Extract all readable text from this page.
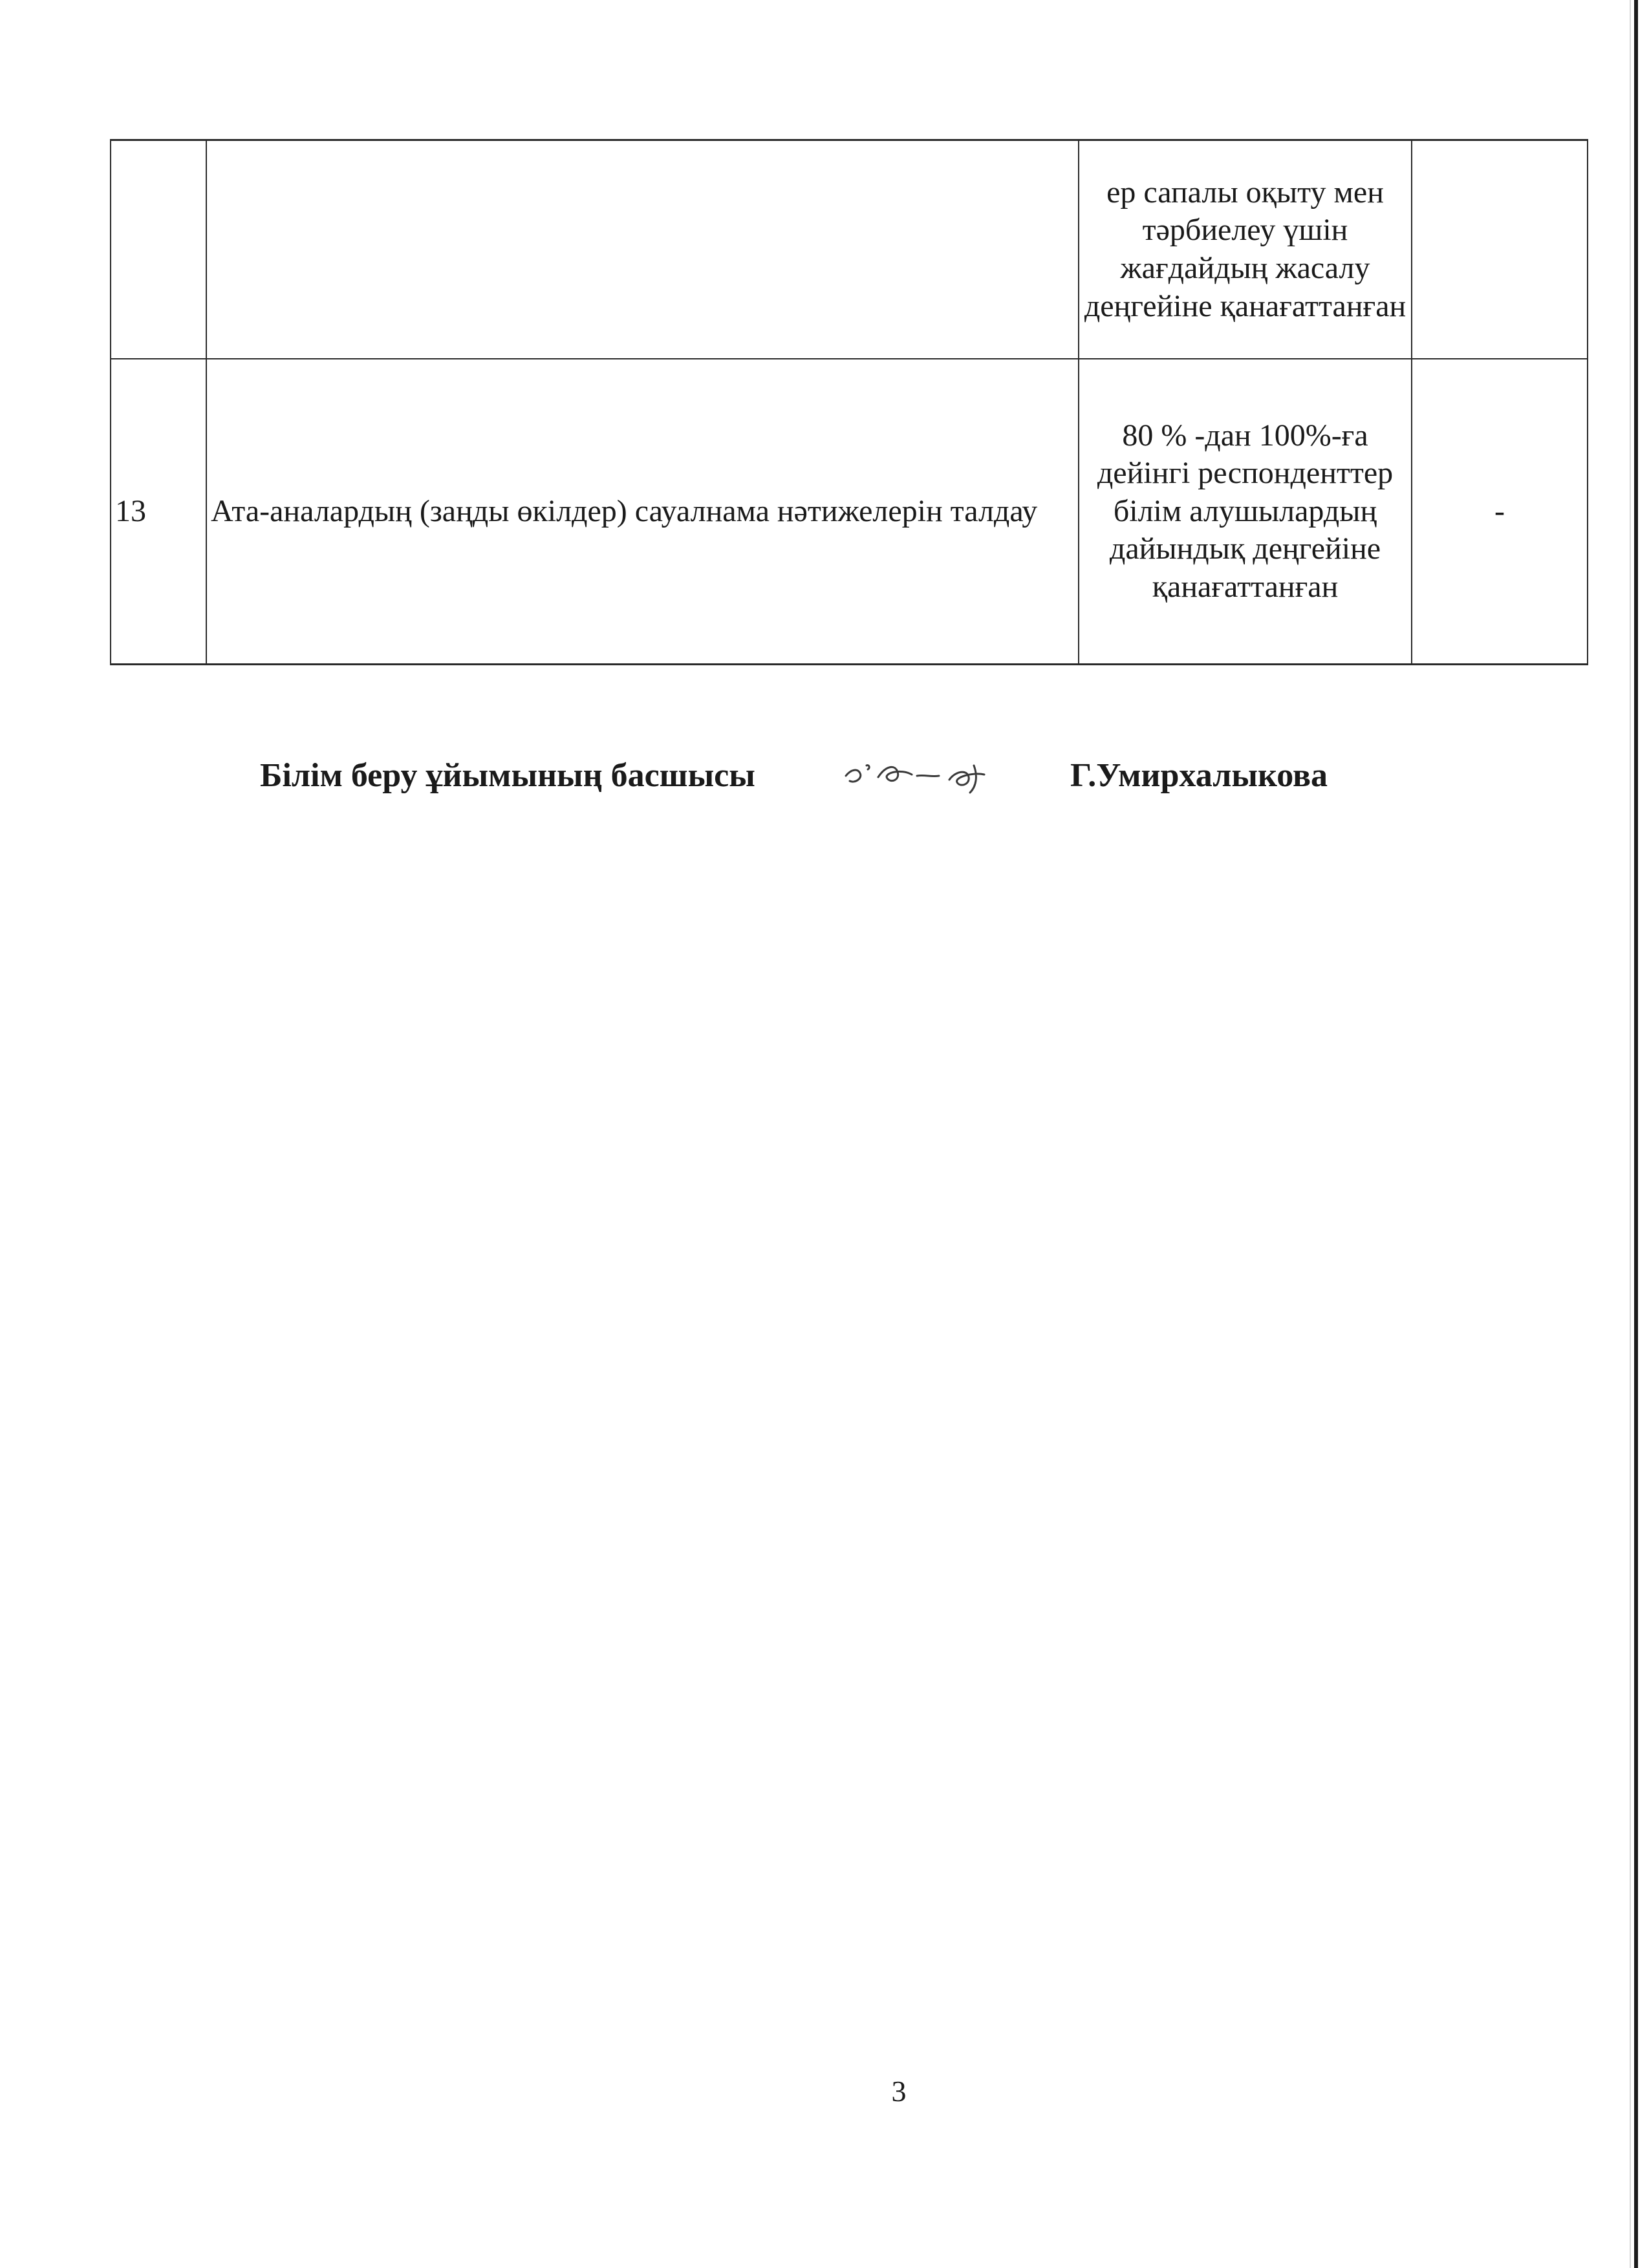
		ер сапалы оқыту мен тәрбиелеу үшін жағдайдың жасалу деңгейіне қанағаттанған	
13	Ата-аналардың (заңды өкілдер) сауалнама нәтижелерін талдау	80 % -дан 100%-ға дейінгі респонденттер білім алушылардың дайындық деңгейіне қанағаттанған	-
Білім беру ұйымының басшысы	Г.Умирхалыкова
3
